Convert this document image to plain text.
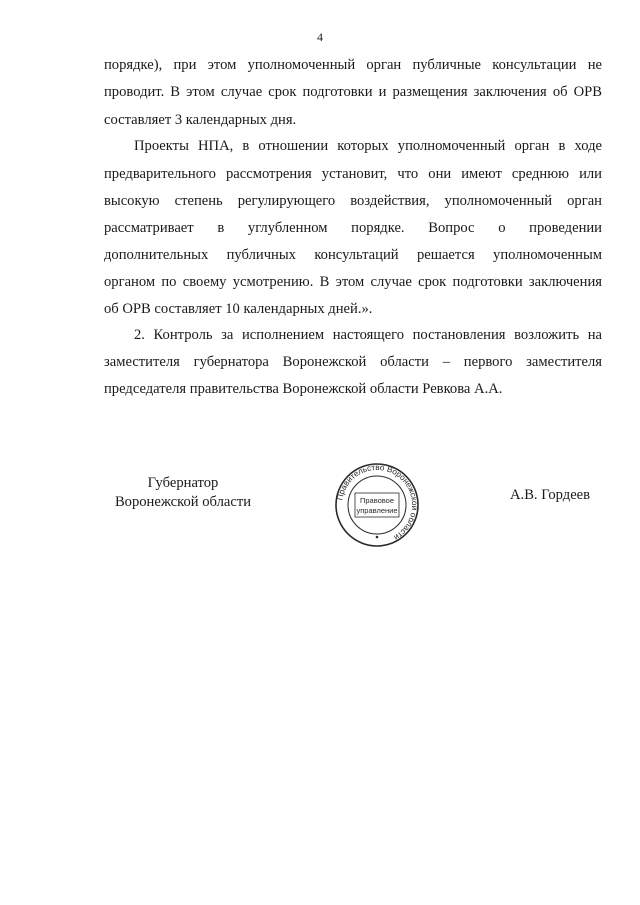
4
порядке), при этом уполномоченный орган публичные консультации не
проводит. В этом случае срок подготовки и размещения заключения об ОРВ
составляет 3 календарных дня.
Проекты НПА, в отношении которых уполномоченный орган в ходе
предварительного рассмотрения установит, что они имеют среднюю или
высокую степень регулирующего воздействия, уполномоченный орган
рассматривает в углубленном порядке. Вопрос о проведении
дополнительных публичных консультаций решается уполномоченным
органом по своему усмотрению. В этом случае срок подготовки заключения
об ОРВ составляет 10 календарных дней.».
2. Контроль за исполнением настоящего постановления возложить на
заместителя губернатора Воронежской области – первого заместителя
председателя правительства Воронежской области Ревкова А.А.
Губернатор
Воронежской области	Правительство Воронежской области
Правовое
управление
А.В. Гордеев
